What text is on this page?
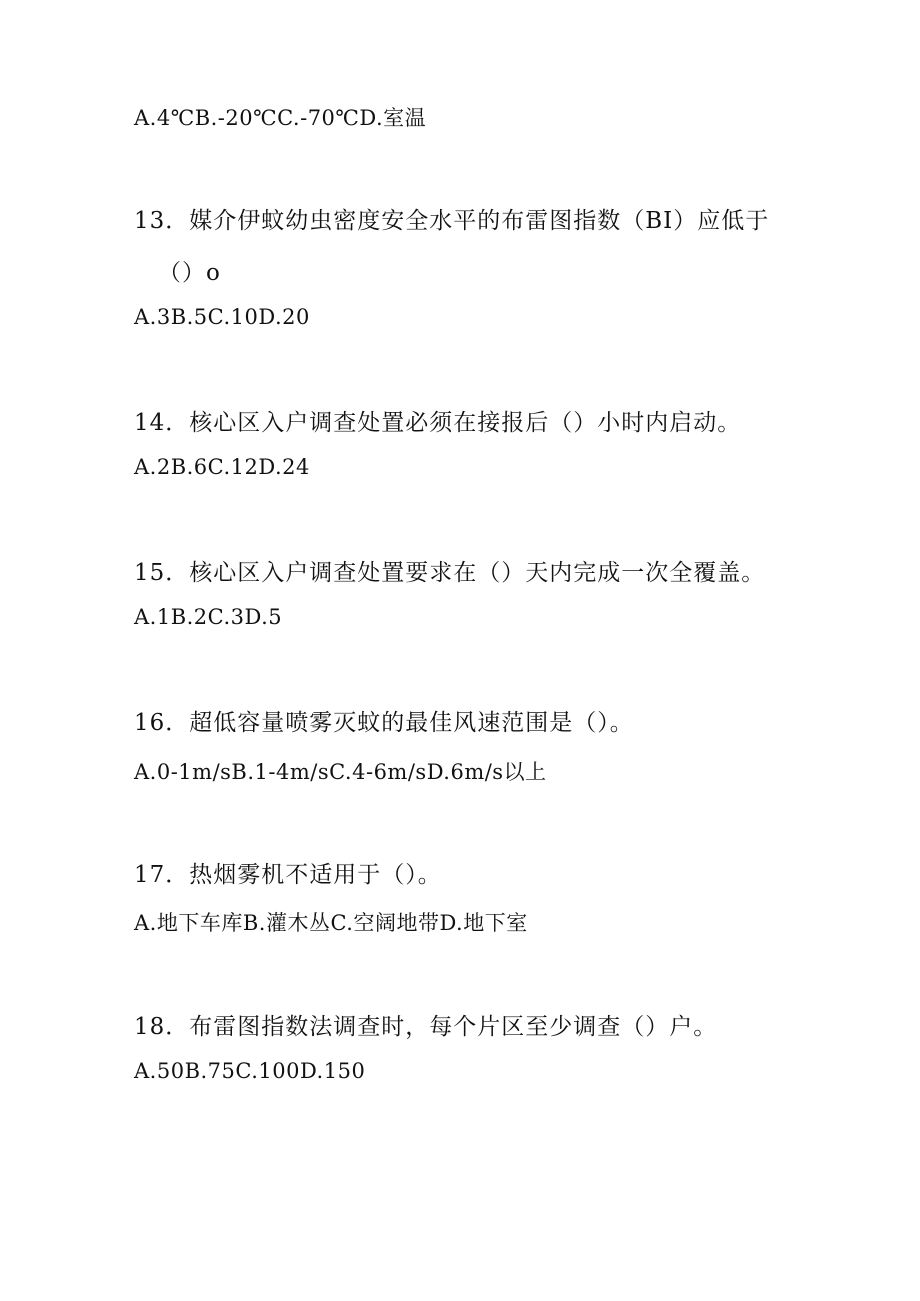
A.4℃B.-20℃C.-70℃D.室温
13．媒介伊蚊幼虫密度安全水平的布雷图指数（BI）应低于
（）o
A.3B.5C.10D.20
14．核心区入户调查处置必须在接报后（）小时内启动。
A.2B.6C.12D.24
15．核心区入户调查处置要求在（）天内完成一次全覆盖。
A.1B.2C.3D.5
16．超低容量喷雾灭蚊的最佳风速范围是（）。
A.0-1m/sB.1-4m/sC.4-6m/sD.6m/s以上
17．热烟雾机不适用于（）。
A.地下车库B.灌木丛C.空阔地带D.地下室
18．布雷图指数法调查时，每个片区至少调查（）户。
A.50B.75C.100D.150
